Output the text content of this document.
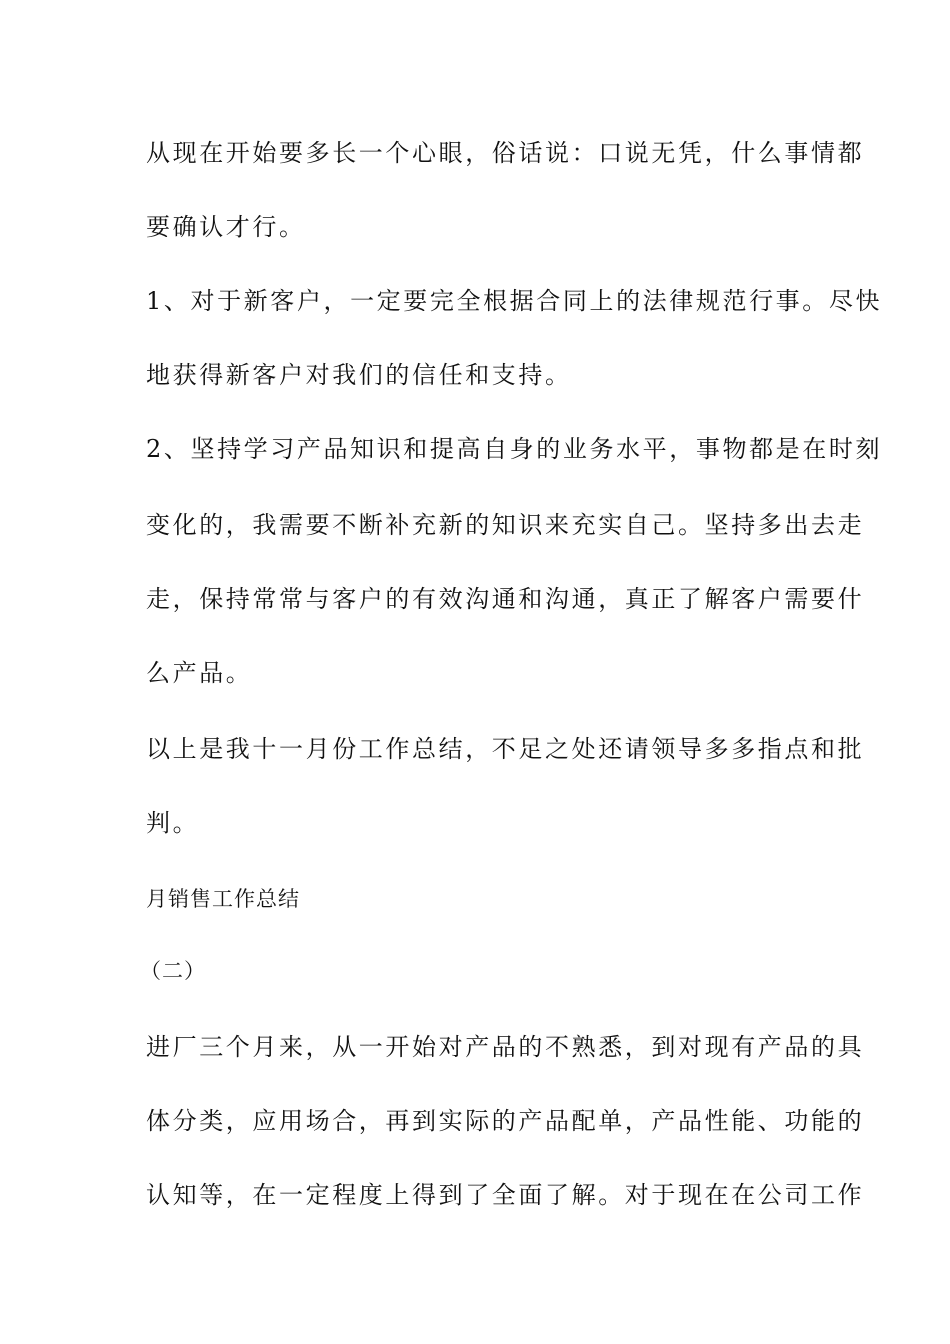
从现在开始要多长一个心眼，俗话说：口说无凭，什么事情都
要确认才行。
1、对于新客户，一定要完全根据合同上的法律规范行事。尽快
地获得新客户对我们的信任和支持。
2、坚持学习产品知识和提高自身的业务水平，事物都是在时刻
变化的，我需要不断补充新的知识来充实自己。坚持多出去走
走，保持常常与客户的有效沟通和沟通，真正了解客户需要什
么产品。
以上是我十一月份工作总结，不足之处还请领导多多指点和批
判。
月销售工作总结
（二）
进厂三个月来，从一开始对产品的不熟悉，到对现有产品的具
体分类，应用场合，再到实际的产品配单，产品性能、功能的
认知等，在一定程度上得到了全面了解。对于现在在公司工作
